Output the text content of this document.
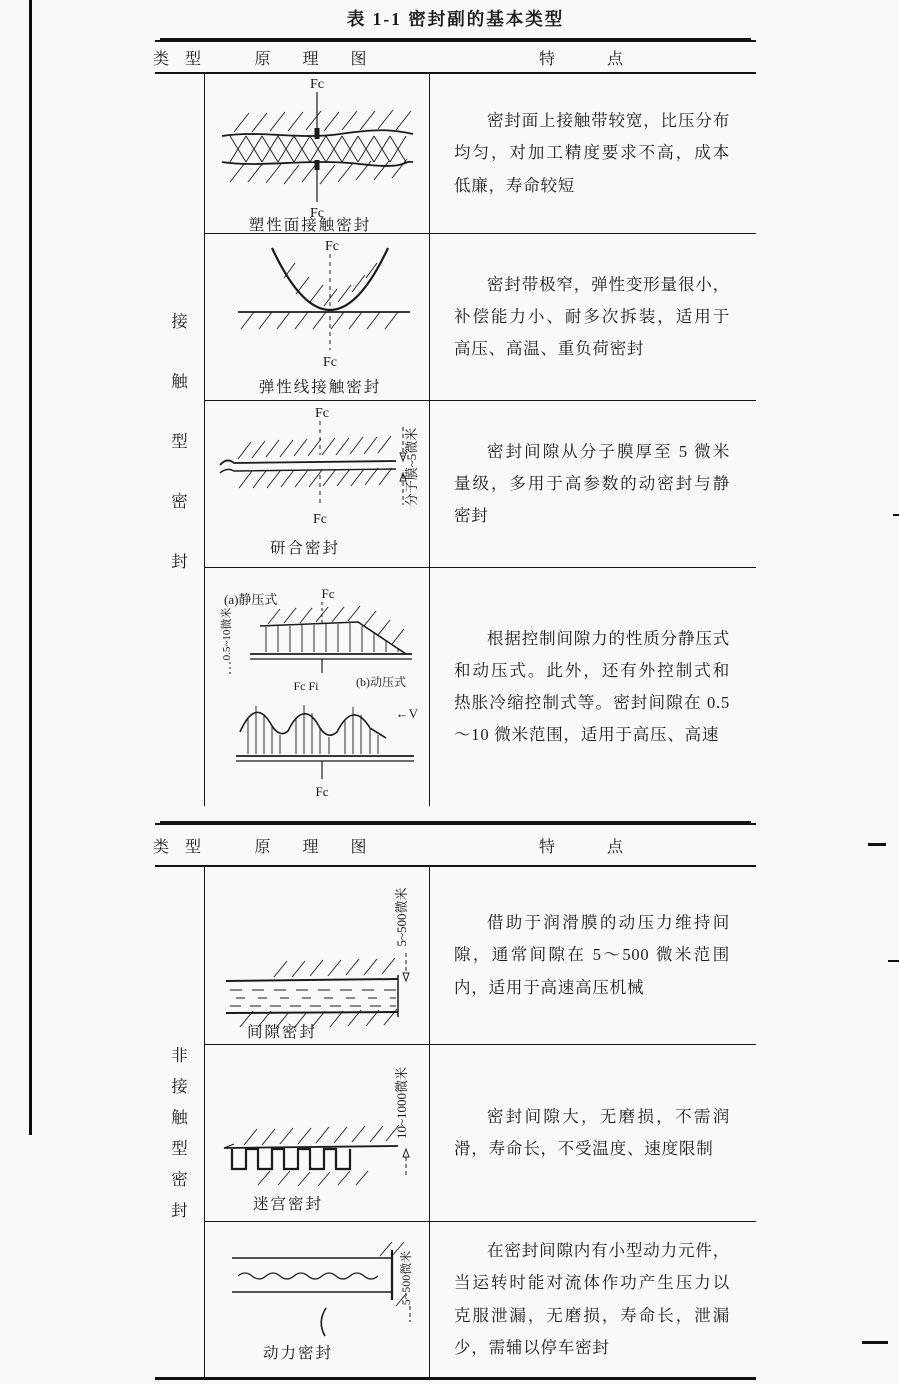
表 1-1 密封副的基本类型
类 型	原 理 图	特 点
接
触
型
密
封
Fc
Fc
塑性面接触密封

密封面上接触带较宽，比压分布均匀，对加工精度要求不高，成本低廉，寿命较短

Fc
Fc
弹性线接触密封

密封带极窄，弹性变形量很小，补偿能力小、耐多次拆装，适用于高压、高温、重负荷密封

Fc
Fc
分子膜~5微米
研合密封

密封间隙从分子膜厚至 5 微米量级，多用于高参数的动密封与静密封

(a)静压式	Fc
0.5~10微米
Fc Fi	(b)动压式
←V
Fc

根据控制间隙力的性质分静压式和动压式。此外，还有外控制式和热胀冷缩控制式等。密封间隙在 0.5～10 微米范围，适用于高压、高速

类 型	原 理 图	特 点
非
接
触
型
密
封
5~500微米
间隙密封

借助于润滑膜的动压力维持间隙，通常间隙在 5～500 微米范围内，适用于高速高压机械

10~1000微米
迷宫密封

密封间隙大，无磨损，不需润滑，寿命长，不受温度、速度限制

5~500微米
动力密封

在密封间隙内有小型动力元件，当运转时能对流体作功产生压力以克服泄漏，无磨损，寿命长，泄漏少，需辅以停车密封
